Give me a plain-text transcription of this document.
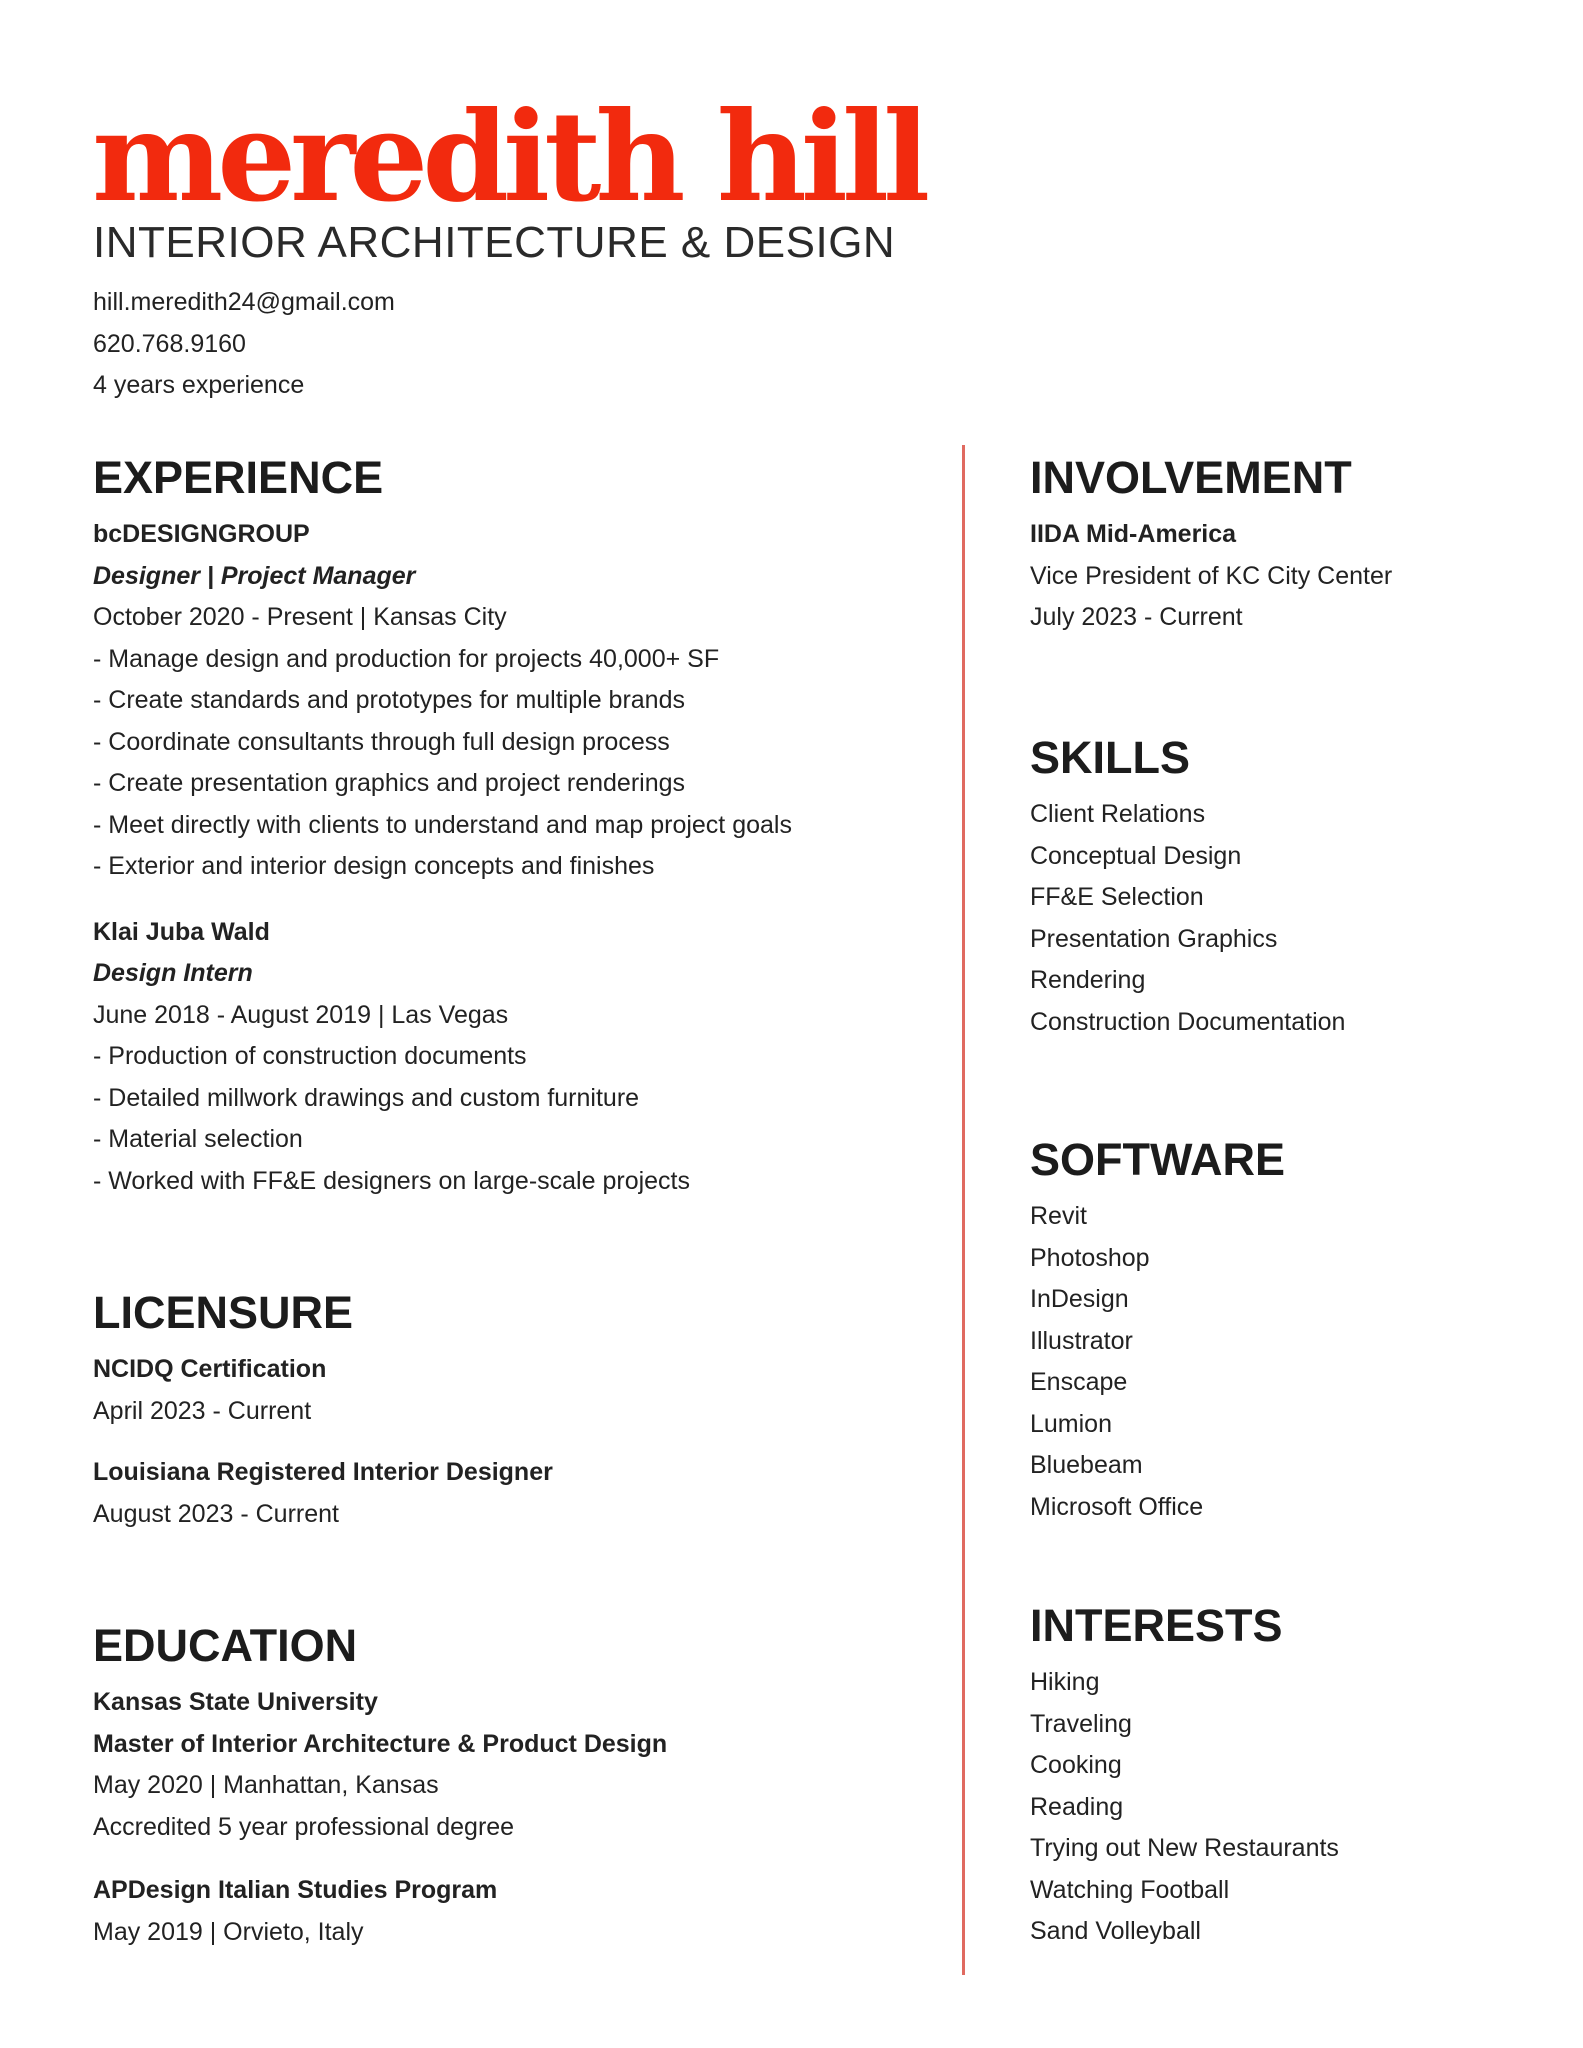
meredith hill
INTERIOR ARCHITECTURE & DESIGN
hill.meredith24@gmail.com
620.768.9160
4 years experience
EXPERIENCE
bcDESIGNGROUP
Designer | Project Manager
October 2020 - Present | Kansas City
- Manage design and production for projects 40,000+ SF
- Create standards and prototypes for multiple brands
- Coordinate consultants through full design process
- Create presentation graphics and project renderings
- Meet directly with clients to understand and map project goals
- Exterior and interior design concepts and finishes
Klai Juba Wald
Design Intern
June 2018 - August 2019 | Las Vegas
- Production of construction documents
- Detailed millwork drawings and custom furniture
- Material selection
- Worked with FF&E designers on large-scale projects
LICENSURE
NCIDQ Certification
April 2023 - Current
Louisiana Registered Interior Designer
August 2023 - Current
EDUCATION
Kansas State University
Master of Interior Architecture & Product Design
May 2020 | Manhattan, Kansas
Accredited 5 year professional degree
APDesign Italian Studies Program
May 2019 | Orvieto, Italy
INVOLVEMENT
IIDA Mid-America
Vice President of KC City Center
July 2023 - Current
SKILLS
Client Relations
Conceptual Design
FF&E Selection
Presentation Graphics
Rendering
Construction Documentation
SOFTWARE
Revit
Photoshop
InDesign
Illustrator
Enscape
Lumion
Bluebeam
Microsoft Office
INTERESTS
Hiking
Traveling
Cooking
Reading
Trying out New Restaurants
Watching Football
Sand Volleyball
